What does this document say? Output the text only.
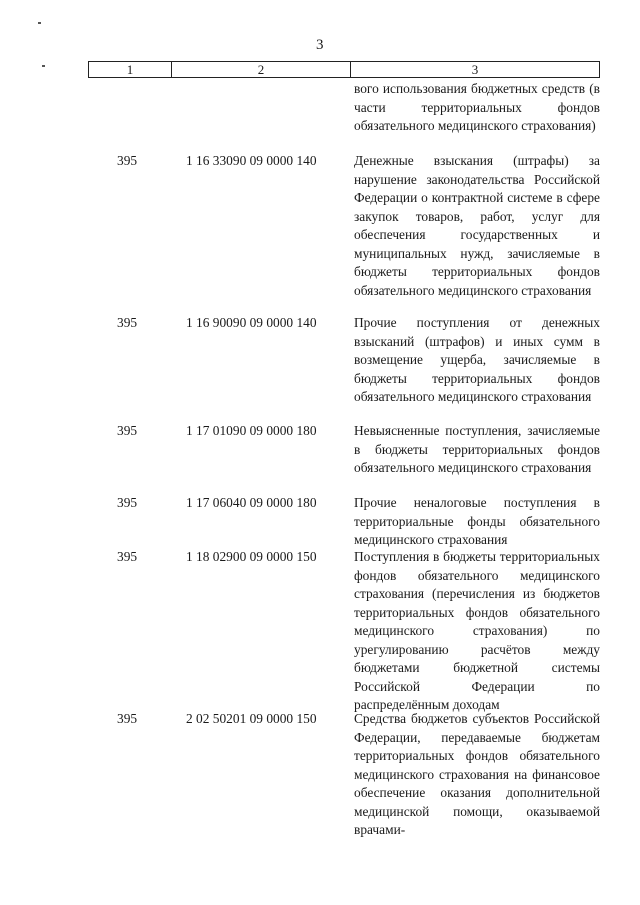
3
1	2	3
вого использования бюджетных средств (в части территориальных фондов обязательного медицинского страхования)
395	1 16 33090 09 0000 140	Денежные взыскания (штрафы) за нарушение законодательства Российской Федерации о контрактной системе в сфере закупок товаров, работ, услуг для обеспечения государственных и муниципальных нужд, зачисляемые в бюджеты территориальных фондов обязательного медицинского страхования
395	1 16 90090 09 0000 140	Прочие поступления от денежных взысканий (штрафов) и иных сумм в возмещение ущерба, зачисляемые в бюджеты территориальных фондов обязательного медицинского страхования
395	1 17 01090 09 0000 180	Невыясненные поступления, зачисляемые в бюджеты территориальных фондов обязательного медицинского страхования
395	1 17 06040 09 0000 180	Прочие неналоговые поступления в территориальные фонды обязательного медицинского страхования
395	1 18 02900 09 0000 150	Поступления в бюджеты территориальных фондов обязательного медицинского страхования (перечисления из бюджетов территориальных фондов обязательного медицинского страхования) по урегулированию расчётов между бюджетами бюджетной системы Российской Федерации по распределённым доходам
395	2 02 50201 09 0000 150	Средства бюджетов субъектов Российской Федерации, передаваемые бюджетам территориальных фондов обязательного медицинского страхования на финансовое обеспечение оказания дополнительной медицинской помощи, оказываемой врачами-
